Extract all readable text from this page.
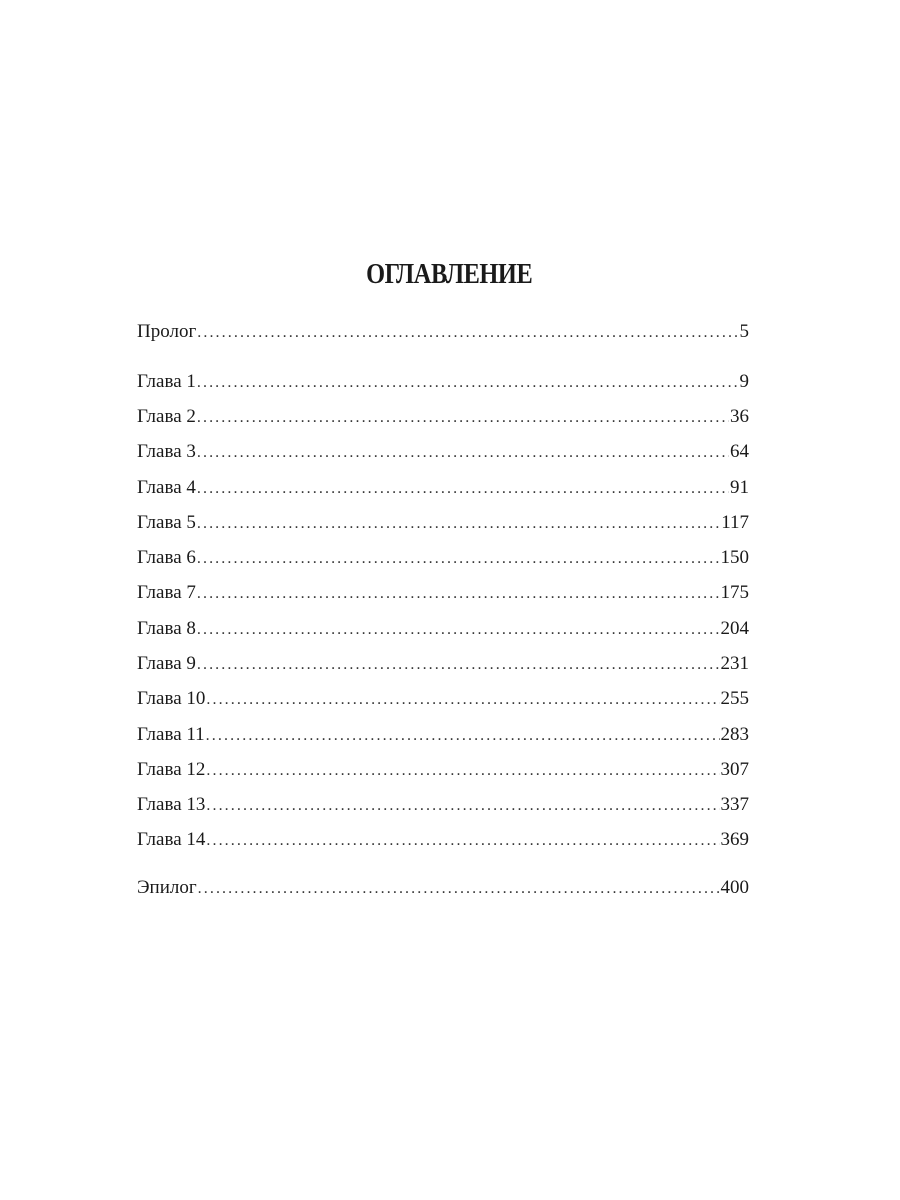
ОГЛАВЛЕНИЕ
Пролог .....	5
Глава 1 .....	9
Глава 2 .....	36
Глава 3 .....	64
Глава 4 .....	91
Глава 5 .....	117
Глава 6 .....	150
Глава 7 .....	175
Глава 8 .....	204
Глава 9 .....	231
Глава 10 .....	255
Глава 11 .....	283
Глава 12 .....	307
Глава 13 .....	337
Глава 14 .....	369
Эпилог .....	400
